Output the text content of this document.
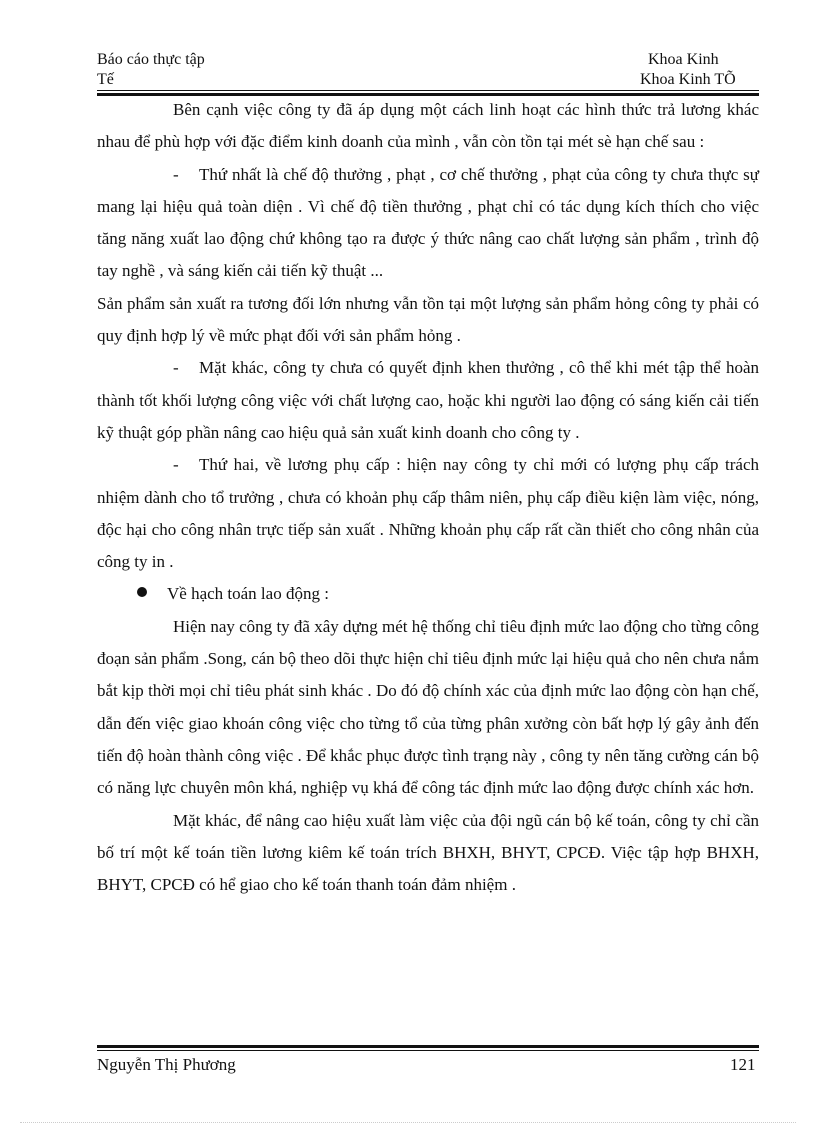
Báo cáo thực tập
Tế
Khoa Kinh
Khoa Kinh TÕ

Bên cạnh việc công ty đã áp dụng một cách linh hoạt các hình thức trả lương khác nhau để phù hợp với đặc điểm kinh doanh của mình , vẫn còn tồn tại mét sè hạn chế sau :

- Thứ nhất là chế độ thưởng , phạt , cơ chế thưởng , phạt của công ty chưa thực sự mang lại hiệu quả toàn diện . Vì chế độ tiền thưởng , phạt chỉ có tác dụng kích thích cho việc tăng năng xuất lao động chứ không tạo ra được ý thức nâng cao chất lượng sản phẩm , trình độ tay nghề , và sáng kiến cải tiến kỹ thuật ...

Sản phẩm sản xuất ra tương đối lớn nhưng vẫn tồn tại một lượng sản phẩm hỏng công ty phải có quy định hợp lý về mức phạt đối với sản phẩm hỏng .

- Mặt khác, công ty chưa có quyết định khen thưởng , cô thể khi mét tập thể hoàn thành tốt khối lượng công việc với chất lượng cao, hoặc khi người lao động có sáng kiến cải tiến kỹ thuật góp phần nâng cao hiệu quả sản xuất kinh doanh cho công ty .

- Thứ hai, về lương phụ cấp : hiện nay công ty chỉ mới có lượng phụ cấp trách nhiệm dành cho tổ trưởng , chưa có khoản phụ cấp thâm niên, phụ cấp điều kiện làm việc, nóng, độc hại cho công nhân trực tiếp sản xuất . Những khoản phụ cấp rất cần thiết cho công nhân của công ty in .

Về hạch toán lao động :

Hiện nay công ty đã xây dựng mét hệ thống chỉ tiêu định mức lao động cho từng công đoạn sản phẩm .Song, cán bộ theo dõi thực hiện chỉ tiêu định mức lại hiệu quả cho nên chưa nắm bắt kịp thời mọi chỉ tiêu phát sinh khác . Do đó độ chính xác của định mức lao động còn hạn chế, dẫn đến việc giao khoán công việc cho từng tổ của từng phân xưởng còn bất hợp lý gây ảnh đến tiến độ hoàn thành công việc . Để khắc phục được tình trạng này , công ty nên tăng cường cán bộ có năng lực chuyên môn khá, nghiệp vụ khá để công tác định mức lao động được chính xác hơn.

Mặt khác, để nâng cao hiệu xuất làm việc của đội ngũ cán bộ kế toán, công ty chỉ cần bố trí một kế toán tiền lương kiêm kế toán trích BHXH, BHYT, CPCĐ. Việc tập hợp BHXH, BHYT, CPCĐ có hể giao cho kế toán thanh toán đảm nhiệm .

Nguyễn Thị Phương	121
